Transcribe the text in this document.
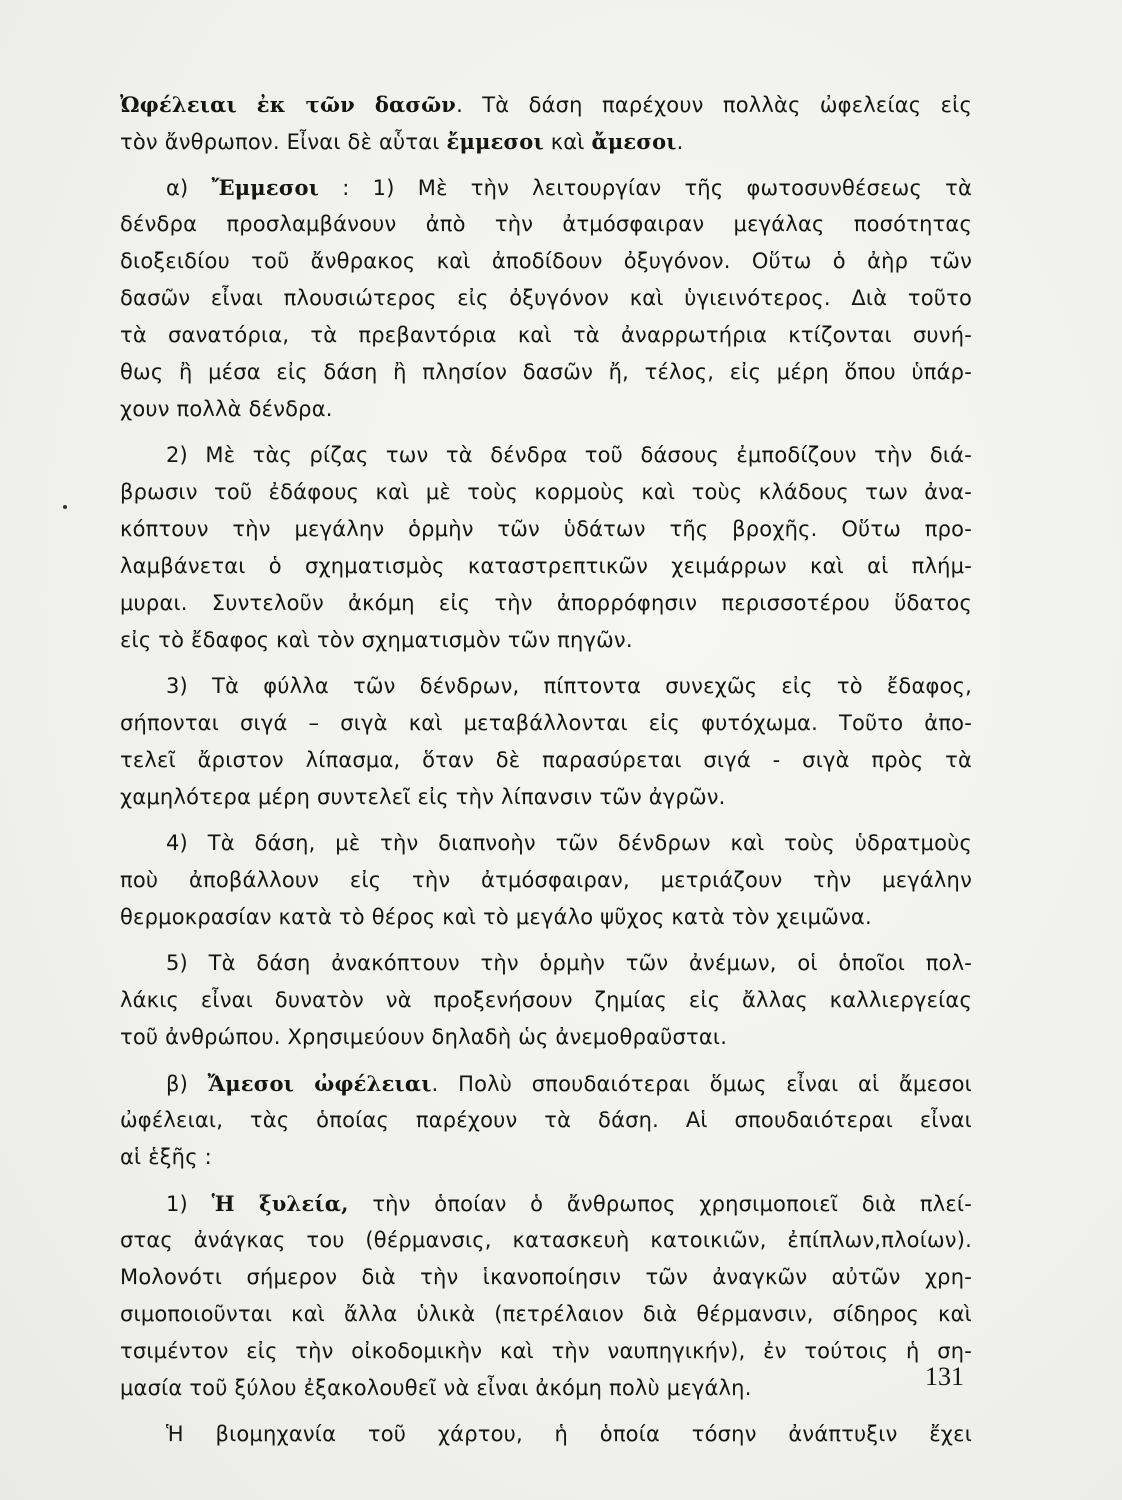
Ὠφέλειαι ἐκ τῶν δασῶν. Τὰ δάση παρέχουν πολλὰς ὠφελείας εἰς
τὸν ἄνθρωπον. Εἶναι δὲ αὗται ἔμμεσοι καὶ ἄμεσοι.
α) Ἔμμεσοι : 1) Μὲ τὴν λειτουργίαν τῆς φωτοσυνθέσεως τὰ
δένδρα προσλαμβάνουν ἀπὸ τὴν ἀτμόσφαιραν μεγάλας ποσότητας
διοξειδίου τοῦ ἄνθρακος καὶ ἀποδίδουν ὀξυγόνον. Οὕτω ὁ ἀὴρ τῶν
δασῶν εἶναι πλουσιώτερος εἰς ὀξυγόνον καὶ ὑγιεινότερος. Διὰ τοῦτο
τὰ σανατόρια, τὰ πρεβαντόρια καὶ τὰ ἀναρρωτήρια κτίζονται συνή-
θως ἢ μέσα εἰς δάση ἢ πλησίον δασῶν ἤ, τέλος, εἰς μέρη ὅπου ὑπάρ-
χουν πολλὰ δένδρα.
2) Μὲ τὰς ρίζας των τὰ δένδρα τοῦ δάσους ἐμποδίζουν τὴν διά-
βρωσιν τοῦ ἐδάφους καὶ μὲ τοὺς κορμοὺς καὶ τοὺς κλάδους των ἀνα-
κόπτουν τὴν μεγάλην ὁρμὴν τῶν ὑδάτων τῆς βροχῆς. Οὕτω προ-
λαμβάνεται ὁ σχηματισμὸς καταστρεπτικῶν χειμάρρων καὶ αἱ πλήμ-
μυραι. Συντελοῦν ἀκόμη εἰς τὴν ἀπορρόφησιν περισσοτέρου ὕδατος
εἰς τὸ ἔδαφος καὶ τὸν σχηματισμὸν τῶν πηγῶν.
3) Τὰ φύλλα τῶν δένδρων, πίπτοντα συνεχῶς εἰς τὸ ἔδαφος,
σήπονται σιγά – σιγὰ καὶ μεταβάλλονται εἰς φυτόχωμα. Τοῦτο ἀπο-
τελεῖ ἄριστον λίπασμα, ὅταν δὲ παρασύρεται σιγά - σιγὰ πρὸς τὰ
χαμηλότερα μέρη συντελεῖ εἰς τὴν λίπανσιν τῶν ἀγρῶν.
4) Τὰ δάση, μὲ τὴν διαπνοὴν τῶν δένδρων καὶ τοὺς ὑδρατμοὺς
ποὺ ἀποβάλλουν εἰς τὴν ἀτμόσφαιραν, μετριάζουν τὴν μεγάλην
θερμοκρασίαν κατὰ τὸ θέρος καὶ τὸ μεγάλο ψῦχος κατὰ τὸν χειμῶνα.
5) Τὰ δάση ἀνακόπτουν τὴν ὁρμὴν τῶν ἀνέμων, οἱ ὁποῖοι πολ-
λάκις εἶναι δυνατὸν νὰ προξενήσουν ζημίας εἰς ἄλλας καλλιεργείας
τοῦ ἀνθρώπου. Χρησιμεύουν δηλαδὴ ὡς ἀνεμοθραῦσται.
β) Ἄμεσοι ὠφέλειαι. Πολὺ σπουδαιότεραι ὅμως εἶναι αἱ ἄμεσοι
ὠφέλειαι, τὰς ὁποίας παρέχουν τὰ δάση. Αἱ σπουδαιότεραι εἶναι
αἱ ἑξῆς :
1) Ἡ ξυλεία, τὴν ὁποίαν ὁ ἄνθρωπος χρησιμοποιεῖ διὰ πλεί-
στας ἀνάγκας του (θέρμανσις, κατασκευὴ κατοικιῶν, ἐπίπλων,πλοίων).
Μολονότι σήμερον διὰ τὴν ἱκανοποίησιν τῶν ἀναγκῶν αὐτῶν χρη-
σιμοποιοῦνται καὶ ἄλλα ὑλικὰ (πετρέλαιον διὰ θέρμανσιν, σίδηρος καὶ
τσιμέντον εἰς τὴν οἰκοδομικὴν καὶ τὴν ναυπηγικήν), ἐν τούτοις ἡ ση-
μασία τοῦ ξύλου ἐξακολουθεῖ νὰ εἶναι ἀκόμη πολὺ μεγάλη.
Ἡ βιομηχανία τοῦ χάρτου, ἡ ὁποία τόσην ἀνάπτυξιν ἔχει
131
